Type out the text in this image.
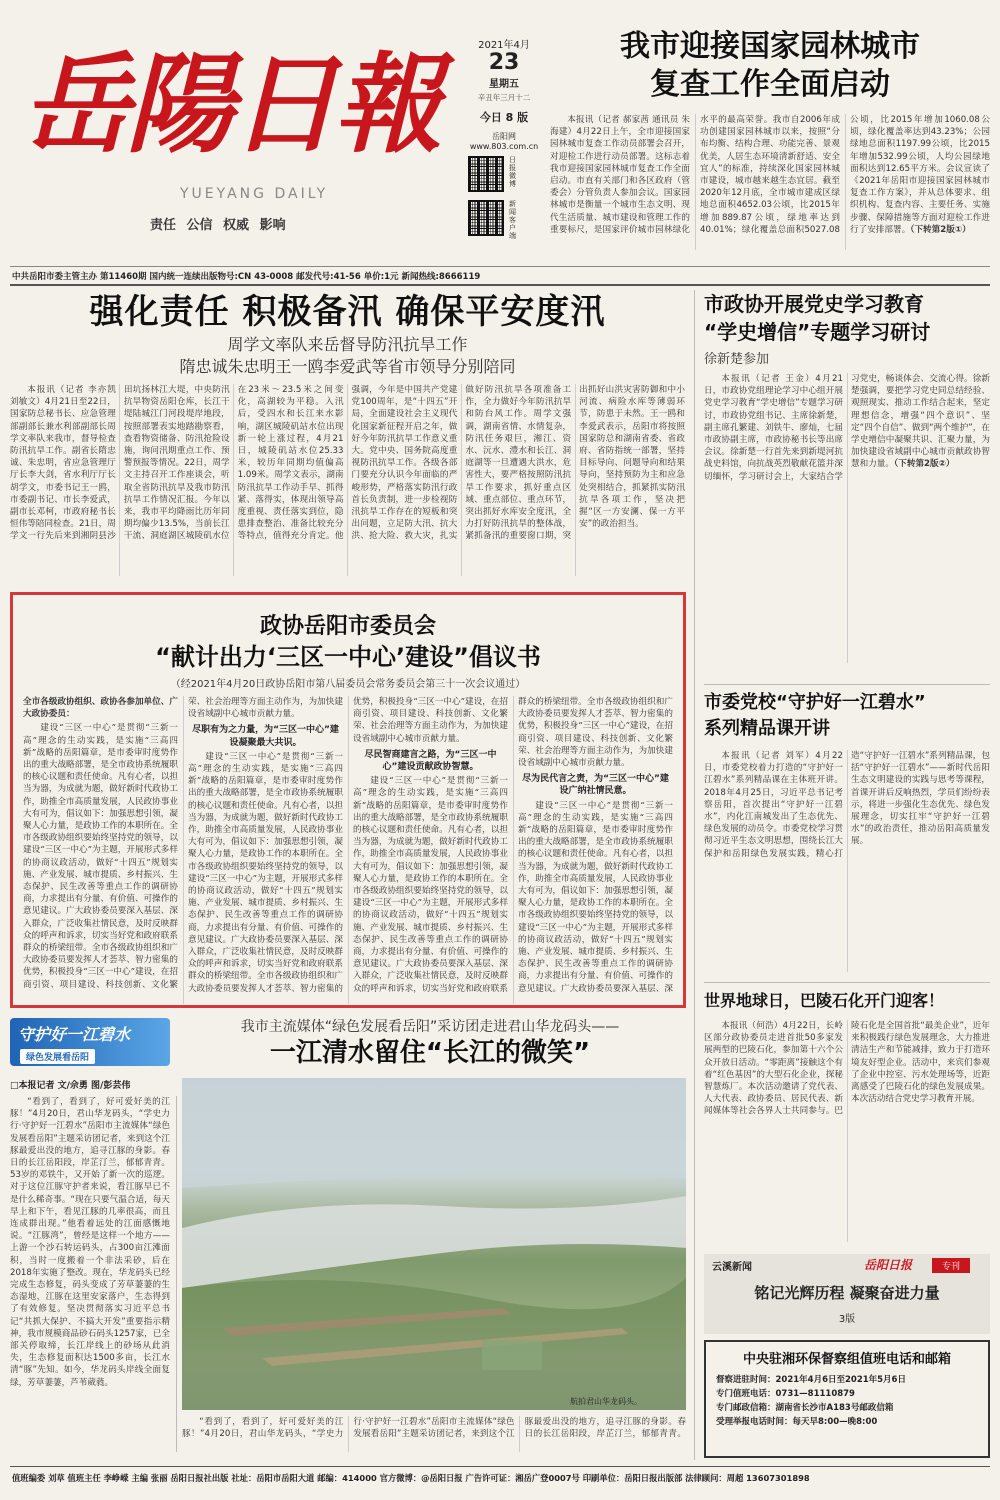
岳陽日報
YUEYANG DAILY
责任 公信 权威 影响
2021年4月
23
星期五
辛丑年三月十二
今日 8 版
岳阳网
www.803.com.cn
日报微博
新闻客户端
我市迎接国家园林城市
复查工作全面启动

本报讯（记者 郝家茜 通讯员 朱海建）4月22日上午，全市迎接国家园林城市复查工作动员部署会召开，对迎检工作进行动员部署。这标志着我市迎接国家园林城市复查工作全面启动。市直有关部门和各区政府（管委会）分管负责人参加会议。国家园林城市是衡量一个城市生态文明、现代生活质量、城市建设和管理工作的重要标尺，是国家评价城市园林绿化水平的最高荣誉。我市自2006年成功创建国家园林城市以来，按照“分布均衡、结构合理、功能完善、景观优美，人居生态环境清新舒适、安全宜人”的标准，持续深化国家园林城市建设，城市越来越生态宜居。截至2020年12月底，全市城市建成区绿地总面积4652.03公顷，比2015年增加889.87公顷，绿地率达到40.01%；绿化覆盖总面积5027.08公顷，比2015年增加1060.08公顷，绿化覆盖率达到43.23%；公园绿地总面积1197.99公顷，比2015年增加532.99公顷，人均公园绿地面积达到12.65平方米。会议宣读了《2021年岳阳市迎接国家园林城市复查工作方案》，并从总体要求、组织机构、复查内容、主要任务、实施步骤、保障措施等方面对迎检工作进行了安排部署。（下转第2版①）

中共岳阳市委主管主办 第11460期 国内统一连续出版物号:CN 43-0008 邮发代号:41-56 单价:1元 新闻热线:8666119
强化责任 积极备汛 确保平安度汛
周学文率队来岳督导防汛抗旱工作
隋忠诚朱忠明王一鸥李爱武等省市领导分别陪同

本报讯（记者 李亦凯 刘敏文）4月21日至22日，国家防总秘书长、应急管理部副部长兼水利部副部长周学文率队来我市，督导检查防汛抗旱工作。副省长隋忠诚、朱忠明，省应急管理厅厅长李大剑，省水利厅厅长胡学文，市委书记王一鸥，市委副书记、市长李爱武，副市长邓柯，市政府秘书长恒伟等陪同检查。21日，周学文一行先后来到湘阴县沙田坑扬林江大堤，中央防汛抗旱物资岳阳仓库，长江干堤陆城江门河段堤岸地段，按照部署表实地踏勘察看，查看物资储备、防汛抢险设施，询问汛期重点工作、预警预报等情况。22日，周学文主持召开工作座谈会，听取全省防汛抗旱及我市防汛抗旱工作情况汇报。今年以来，我市平均降雨比历年同期均偏少13.5%，当前长江干流、洞庭湖区城陵矶水位在23米～23.5米之间变化，高湖较为平稳。入汛后，受四水和长江来水影响，湖区城陵矶站水位出现新一轮上涨过程，4月21日，城陵矶站水位25.33米，较历年同期均值偏高1.09米。周学文表示，湖南防汛抗旱工作动手早、抓得紧、落得实，体现出领导高度重视、责任落实到位，隐患排查整治、准备比较充分等特点，值得充分肯定。他强调，今年是中国共产党建党100周年，是“十四五”开局，全面建设社会主义现代化国家新征程开启之年，做好今年防汛抗旱工作意义重大。党中央、国务院高度重视防汛抗旱工作。各级各部门要充分认识今年面临的严峻形势，严格落实防汛行政首长负责制，进一步检视防汛抗旱工作存在的短板和突出问题，立足防大汛、抗大洪、抢大险、救大灾，扎实做好防汛抗旱各项准备工作，全力做好今年防汛抗旱和防台风工作。周学文强调，湖南省情、水情复杂，防汛任务艰巨，湘江、资水、沅水、澧水和长江、洞庭湖等一旦遭遇大洪水，危害性大，要严格按照防汛抗旱工作要求，抓好重点区域、重点部位、重点环节，突出抓好水库安全度汛，全力打好防汛抗旱的整体战，紧抓备汛的重要窗口期，突出抓好山洪灾害防御和中小河流、病险水库等薄弱环节，防患于未然。王一鸥和李爱武表示，岳阳市将按照国家防总和湖南省委、省政府、省防指统一部署，坚持目标导向、问题导向和结果导向，坚持预防为主和应急处突相结合，抓紧抓实防汛抗旱各项工作，坚决把握“区一方安澜、保一方平安”的政治担当。

政协岳阳市委员会
“献计出力‘三区一中心’建设”倡议书
（经2021年4月20日政协岳阳市第八届委员会常务委员会第三十一次会议通过）

全市各级政协组织、政协各参加单位、广大政协委员：

建设“三区一中心”是贯彻“三新一高”理念的生动实践，是实施“三高四新”战略的岳阳篇章，是市委审时度势作出的重大战略部署，是全市政协系统履职的核心议题和责任使命。凡有心者，以担当为器，为成就为题，做好新时代政协工作，助推全市高质量发展，人民政协事业大有可为，倡议如下：加强思想引领，凝聚人心力量，是政协工作的本职所在。全市各级政协组织要始终坚持党的领导，以建设“三区一中心”为主题，开展形式多样的协商议政活动，做好“十四五”规划实施、产业发展、城市提质、乡村振兴、生态保护、民生改善等重点工作的调研协商，力求提出有分量、有价值、可操作的意见建议。广大政协委员要深入基层、深入群众，广泛收集社情民意，及时反映群众的呼声和诉求，切实当好党和政府联系群众的桥梁纽带。全市各级政协组织和广大政协委员要发挥人才荟萃、智力密集的优势，积极投身“三区一中心”建设，在招商引资、项目建设、科技创新、文化繁荣、社会治理等方面主动作为，为加快建设省域副中心城市贡献力量。

尽职有为之力量，为“三区一中心”建设凝聚最大共识。

建设“三区一中心”是贯彻“三新一高”理念的生动实践，是实施“三高四新”战略的岳阳篇章，是市委审时度势作出的重大战略部署，是全市政协系统履职的核心议题和责任使命。凡有心者，以担当为器，为成就为题，做好新时代政协工作，助推全市高质量发展，人民政协事业大有可为，倡议如下：加强思想引领，凝聚人心力量，是政协工作的本职所在。全市各级政协组织要始终坚持党的领导，以建设“三区一中心”为主题，开展形式多样的协商议政活动，做好“十四五”规划实施、产业发展、城市提质、乡村振兴、生态保护、民生改善等重点工作的调研协商，力求提出有分量、有价值、可操作的意见建议。广大政协委员要深入基层、深入群众，广泛收集社情民意，及时反映群众的呼声和诉求，切实当好党和政府联系群众的桥梁纽带。全市各级政协组织和广大政协委员要发挥人才荟萃、智力密集的优势，积极投身“三区一中心”建设，在招商引资、项目建设、科技创新、文化繁荣、社会治理等方面主动作为，为加快建设省域副中心城市贡献力量。

尽民智商建言之路，为“三区一中心”建设贡献政协智慧。

建设“三区一中心”是贯彻“三新一高”理念的生动实践，是实施“三高四新”战略的岳阳篇章，是市委审时度势作出的重大战略部署，是全市政协系统履职的核心议题和责任使命。凡有心者，以担当为器，为成就为题，做好新时代政协工作，助推全市高质量发展，人民政协事业大有可为，倡议如下：加强思想引领，凝聚人心力量，是政协工作的本职所在。全市各级政协组织要始终坚持党的领导，以建设“三区一中心”为主题，开展形式多样的协商议政活动，做好“十四五”规划实施、产业发展、城市提质、乡村振兴、生态保护、民生改善等重点工作的调研协商，力求提出有分量、有价值、可操作的意见建议。广大政协委员要深入基层、深入群众，广泛收集社情民意，及时反映群众的呼声和诉求，切实当好党和政府联系群众的桥梁纽带。全市各级政协组织和广大政协委员要发挥人才荟萃、智力密集的优势，积极投身“三区一中心”建设，在招商引资、项目建设、科技创新、文化繁荣、社会治理等方面主动作为，为加快建设省域副中心城市贡献力量。

尽为民代言之责，为“三区一中心”建设广纳社情民意。

建设“三区一中心”是贯彻“三新一高”理念的生动实践，是实施“三高四新”战略的岳阳篇章，是市委审时度势作出的重大战略部署，是全市政协系统履职的核心议题和责任使命。凡有心者，以担当为器，为成就为题，做好新时代政协工作，助推全市高质量发展，人民政协事业大有可为，倡议如下：加强思想引领，凝聚人心力量，是政协工作的本职所在。全市各级政协组织要始终坚持党的领导，以建设“三区一中心”为主题，开展形式多样的协商议政活动，做好“十四五”规划实施、产业发展、城市提质、乡村振兴、生态保护、民生改善等重点工作的调研协商，力求提出有分量、有价值、可操作的意见建议。广大政协委员要深入基层、深

守护好一江碧水
绿色发展看岳阳
我市主流媒体“绿色发展看岳阳”采访团走进君山华龙码头——
一江清水留住“长江的微笑”
□本报记者 文/佘勇 图/彭芸伟

“看到了，看到了，好可爱好美的江豚！”4月20日，君山华龙码头，“学史力行·守护好一江碧水”岳阳市主流媒体“绿色发展看岳阳”主题采访团记者，来到这个江豚最爱出没的地方，追寻江豚的身影。春日的长江岳阳段，岸芷汀兰，郁郁青青。53岁的邓铁牛，又开始了新一次的巡逻。对于这位江豚守护者来说，看江豚早已不是什么稀奇事。“现在只要气温合适，每天早上和下午，看见江豚的几率很高，而且连成群出现。”他看着远处的江面感慨地说。“江豚湾”，曾经是这样一个地方——上游一个沙石转运码头，占300亩江滩面积，当时一度搬着一个非法采砂，后在2018年实施了整改。现在，华龙码头已经完成生态修复，码头变成了芳草萋萋的生态湿地，江豚在这里安家落户，生态得到了有效修复。坚决贯彻落实习近平总书记“共抓大保护、不搞大开发”重要指示精神，我市规模商品砂石码头1257家，已全部关停取缔，长江岸线上的砂场从此消失，生态修复面积达1500多亩，长江水清“豚”先知。如今，华龙码头岸线全面复绿，芳草萋萋，芦苇葳蕤。

航拍君山华龙码头。

“看到了，看到了，好可爱好美的江豚！”4月20日，君山华龙码头，“学史力行·守护好一江碧水”岳阳市主流媒体“绿色发展看岳阳”主题采访团记者，来到这个江豚最爱出没的地方，追寻江豚的身影。春日的长江岳阳段，岸芷汀兰，郁郁青青。

市政协开展党史学习教育
“学史增信”专题学习研讨
徐新楚参加

本报讯（记者 王金）4月21日，市政协党组理论学习中心组开展党史学习教育“学史增信”专题学习研讨，市政协党组书记、主席徐新楚，副主席孔繁建、刘铁牛、廖灿，七届市政协副主席，市政协秘书长等出席会议。徐新楚一行首先来到新堤河抗战史料馆，向抗战英烈敬献花篮并深切缅怀，学习研讨会上，大家结合学习党史，畅谈体会、交流心得。徐新楚强调，要把学习党史同总结经验、观照现实、推动工作结合起来，坚定理想信念，增强“四个意识”、坚定“四个自信”、做到“两个维护”，在学史增信中凝聚共识、汇聚力量，为加快建设省域副中心城市贡献政协智慧和力量。（下转第2版②）

市委党校“守护好一江碧水”
系列精品课开讲

本报讯（记者 刘军）4月22日，市委党校着力打造的“守护好一江碧水”系列精品课在主体班开讲。2018年4月25日，习近平总书记考察岳阳，首次提出“守护好一江碧水”，内化江南城发出了生态优先、绿色发展的动员令。市委党校学习贯彻习近平生态文明思想，围绕长江大保护和岳阳绿色发展实践，精心打造“守护好一江碧水”系列精品课，包括“守护好一江碧水”——新时代岳阳生态文明建设的实践与思考等课程，首课开讲后反响热烈，学员们纷纷表示，将进一步强化生态优先、绿色发展理念，切实扛牢“守护好一江碧水”的政治责任，推动岳阳高质量发展。

世界地球日，巴陵石化开门迎客！

本报讯（何浩）4月22日，长岭区部分政协委员走进首批50多家发展两型的巴陵石化，参加第十六个公众开放日活动。“零距离”接触这个有着“红色基因”的大型石化企业，探秘智慧炼厂。本次活动邀请了党代表、人大代表、政协委员、居民代表、新闻媒体等社会各界人士共同参与。巴陵石化是全国首批“最美企业”，近年来积极践行绿色发展理念，大力推进清洁生产和节能减排，致力于打造环境友好型企业。活动中，来宾们参观了企业中控室、污水处理场等，近距离感受了巴陵石化的绿色发展成果。本次活动结合党史学习教育开展。

云溪新闻	岳阳日报	专刊
铭记光辉历程 凝聚奋进力量
3版
中央驻湘环保督察组值班电话和邮箱
督察进驻时间：2021年4月6日至2021年5月6日
专门值班电话：0731—81110879
专门邮政信箱：湖南省长沙市A183号邮政信箱
受理举报电话时间：每天早8:00—晚8:00
值班编委 刘草 值班主任 李峥嵘 主编 张丽 岳阳日报社出版 社址：岳阳市岳阳大道 邮编：414000 官方微博：@岳阳日报 广告许可证：湘岳广登0007号 印刷单位：岳阳日报出版部 法律顾问：周超 13607301898
